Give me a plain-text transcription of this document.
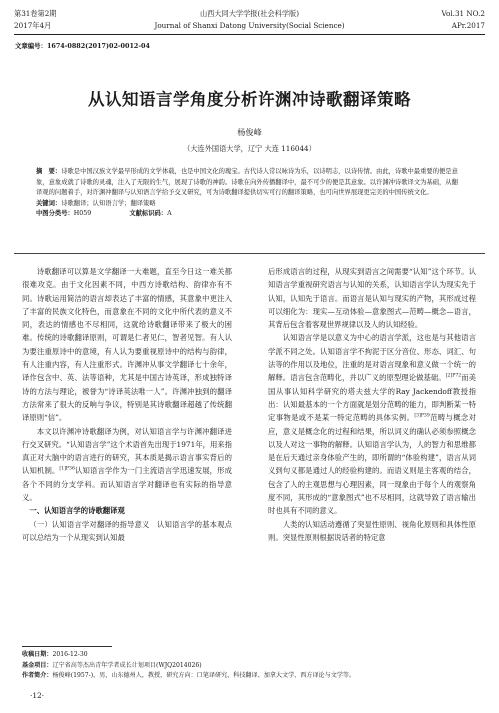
第31卷第2期
2017年4月
山西大同大学学报(社会科学版)
Journal of Shanxi Datong University(Social Science)
Vol.31 NO.2
APr.2017
文章编号：1674-0882(2017)02-0012-04
从认知语言学角度分析许渊冲诗歌翻译策略
杨俊峰
（大连外国语大学，辽宁 大连 116044）
摘　要：诗歌是中国汉族文学最早形成的文学体载，也是中国文化的瑰宝。古代诗人常以咏诗为乐，以诗明志，以诗传情。由此，诗歌中最重要的便是意象，意象成就了诗歌的灵魂，注入了无限的生气，展现了诗歌的神韵。诗歌在向外传播翻译中，最不可少的便是其意象。以许渊冲诗歌译文为基础，从翻译观的问题着手，对许渊冲翻译与认知语言学给予交叉研究，可为诗歌翻译提供切实可行的翻译策略，也可向世界展现更完美的中国传统文化。
关键词：诗歌翻译；认知语言学；翻译策略
中图分类号：H059	文献标识码：A

诗歌翻译可以算是文学翻译一大难题，直至今日这一难关都很难攻克。由于文化因素不同，中西方诗歌结构、韵律亦有不同。诗歌运用简洁的语言却表达了丰富的情感，其意象中更注入了丰富的民族文化特色，而意象在不同的文化中所代表的意义不同，表达的情感也不尽相同，这就给诗歌翻译带来了极大的困难。传统的诗歌翻译原则，可谓是仁者见仁，智者见智。有人认为要注重原诗中的意境，有人认为要重视原诗中的结构与韵律，有人注重内容，有人注重形式。许渊冲从事文学翻译七十余年，译作包含中、英、法等语种，尤其是中国古诗英译，形成独特译诗的方法与理论，被誉为“诗译英法唯一人”。许渊冲独到的翻译方法常来了很大的反响与争议，特别是其诗歌翻译超越了传统翻译原则“信”。

本文以许渊冲诗歌翻译为例，对认知语言学与许渊冲翻译进行交叉研究。“认知语言学”这个术语首先出现于1971年，用来指真正对大脑中的语言进行的研究，其本质是揭示语言事实背后的认知机制。$^{[1]P36}$认知语言学作为一门主流语言学迅速发展，形成各个不同的分支学科。而认知语言学对翻译也有实际的指导意义。

一、认知语言学的诗歌翻译观

（一）认知语言学对翻译的指导意义　认知语言学的基本观点可以总结为一个从现实到认知最

后形成语言的过程，从现实到语言之间需要“认知”这个环节。认知语言学重视研究语言与认知的关系，认知语言学认为现实先于认知，认知先于语言。而语言是认知与现实的产物，其形成过程可以细化为：现实—互动体验—意象图式—范畴—概念—语言，其背后包含着客观世界规律以及人的认知经验。

认知语言学是以意义为中心的语言学派，这也是与其他语言学派不同之处。认知语言学不拘泥于区分音位、形态、词汇、句法等的作用以及地位，注重的是对语言现象和意义做一个统一的解释。语言包含范畴化，并以广义的原型理论做基础。$^{[2]P72}$而美国从事认知科学研究的塔夫兹大学的Ray Jackendoff教授指出：认知最基本的一个方面就是划分范畴的能力，即判断某一特定事物是或不是某一特定范畴的具体实例。$^{[3]P39}$范畴与概念对应，意义是概念化的过程和结果，所以词义的确认必须参照概念以及人对这一事物的解释。认知语言学认为，人的智力和思维都是在后天通过亲身体验产生的，即所谓的“体验构建”，语言从词义到句义都是通过人的经验构建的。而语义则是主客观的结合，包含了人的主观思想与心理因素，同一现象由于每个人的观察角度不同，其形成的“意象图式”也不尽相同，这就导致了语言输出时也具有不同的意义。

人类的认知活动遵循了突显性原则、视角化原则和具体性原则。突显性原则根据说话者的特定意

收稿日期：2016-12-30
基金项目：辽宁省高等杰出青年学者成长计划项目(WJQ2014026)
作者简介：杨俊峰(1957-)，男，山东德州人，教授，研究方向：口笔译研究、科技翻译、加拿大文学、西方译论与文学等。
·12·
